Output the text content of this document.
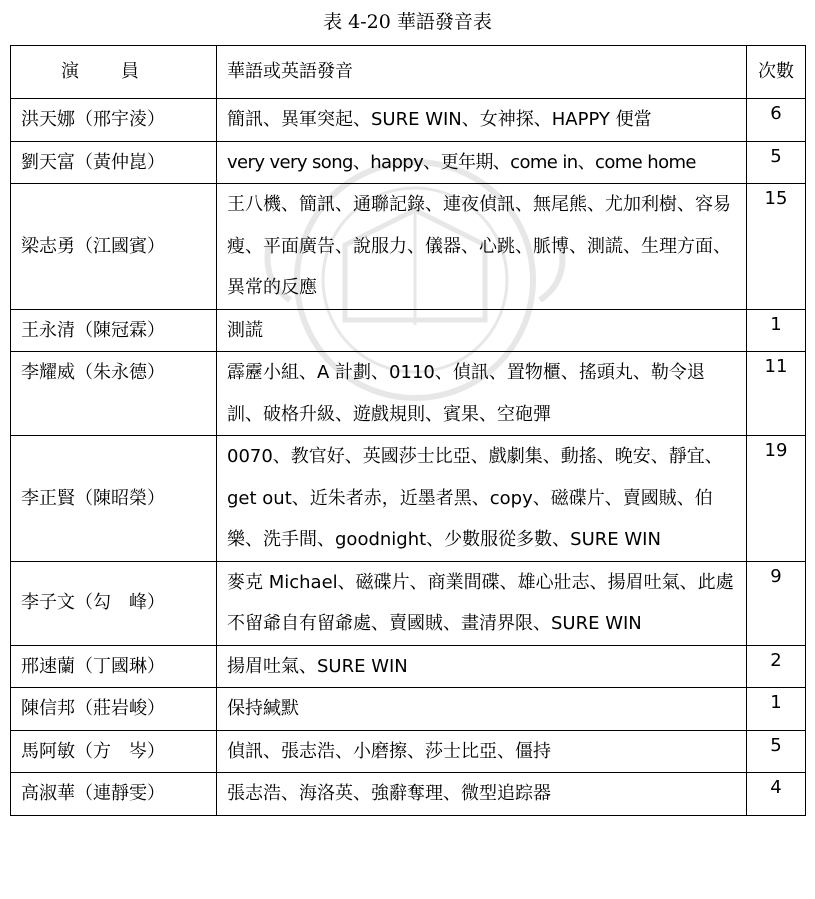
表 4-20 華語發音表
演　　員	華語或英語發音	次數
洪天娜（邢宇淩）	簡訊、異軍突起、SURE WIN、女神探、HAPPY 便當	6
劉天富（黃仲崑）	very very song、happy、更年期、come in、come home	5
梁志勇（江國賓）	王八機、簡訊、通聯記錄、連夜偵訊、無尾熊、尤加利樹、容易瘦、平面廣告、說服力、儀器、心跳、脈博、測謊、生理方面、異常的反應	15
王永清（陳冠霖）	測謊	1
李耀威（朱永德）	霹靂小組、A 計劃、0110、偵訊、置物櫃、搖頭丸、勒令退訓、破格升級、遊戲規則、賓果、空砲彈	11
李正賢（陳昭榮）	0070、教官好、英國莎士比亞、戲劇集、動搖、晚安、靜宜、get out、近朱者赤，近墨者黑、copy、磁碟片、賣國賊、伯樂、洗手間、goodnight、少數服從多數、SURE WIN	19
李子文（勾　峰）	麥克 Michael、磁碟片、商業間碟、雄心壯志、揚眉吐氣、此處不留爺自有留爺處、賣國賊、畫清界限、SURE WIN	9
邢速蘭（丁國琳）	揚眉吐氣、SURE WIN	2
陳信邦（莊岩峻）	保持緘默	1
馬阿敏（方　岑）	偵訊、張志浩、小磨擦、莎士比亞、僵持	5
高淑華（連靜雯）	張志浩、海洛英、強辭奪理、微型追踪器	4
